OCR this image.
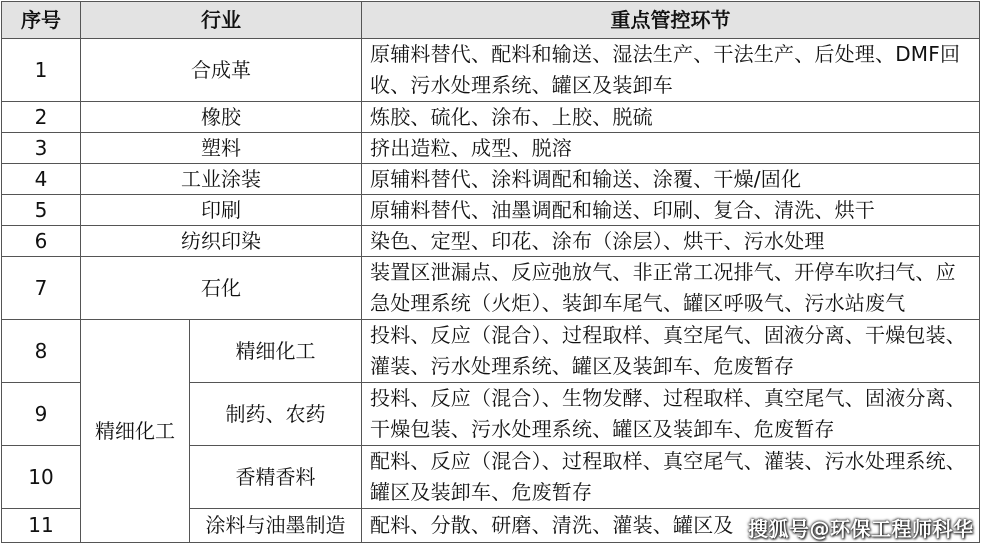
序号	行业		重点管控环节
1	合成革		原辅料替代、配料和输送、湿法生产、干法生产、后处理、DMF回收、污水处理系统、罐区及装卸车
2	橡胶		炼胶、硫化、涂布、上胶、脱硫
3	塑料		挤出造粒、成型、脱溶
4	工业涂装		原辅料替代、涂料调配和输送、涂覆、干燥/固化
5	印刷		原辅料替代、油墨调配和输送、印刷、复合、清洗、烘干
6	纺织印染		染色、定型、印花、涂布（涂层）、烘干、污水处理
7	石化		装置区泄漏点、反应弛放气、非正常工况排气、开停车吹扫气、应急处理系统（火炬）、装卸车尾气、罐区呼吸气、污水站废气
8	精细化工	精细化工	投料、反应（混合）、过程取样、真空尾气、固液分离、干燥包装、灌装、污水处理系统、罐区及装卸车、危废暂存
9		制药、农药	投料、反应（混合）、生物发酵、过程取样、真空尾气、固液分离、干燥包装、污水处理系统、罐区及装卸车、危废暂存
10		香精香料	配料、反应（混合）、过程取样、真空尾气、灌装、污水处理系统、罐区及装卸车、危废暂存
11		涂料与油墨制造	配料、分散、研磨、清洗、灌装、罐区及 搜狐号@环保工程师科华
